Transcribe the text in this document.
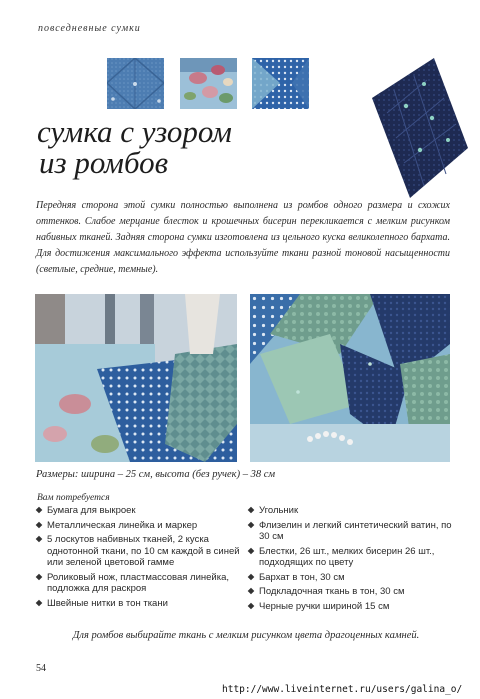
повседневные сумки
сумка с узором
из ромбов
Передняя сторона этой сумки полностью выполнена из ромбов одного размера и схожих оттенков. Слабое мерцание блесток и крошечных бисерин перекликается с мелким рисунком набивных тканей. Задняя сторона сумки изготовлена из цельного куска великолепного бархата. Для достижения максимального эффекта используйте ткани разной тоновой насыщенности (светлые, средние, темные).
Размеры: ширина – 25 см, высота (без ручек) – 38 см
Вам потребуется
Бумага для выкроек
Металлическая линейка и маркер
5 лоскутов набивных тканей, 2 куска однотонной ткани, по 10 см каждой в синей или зеленой цветовой гамме
Роликовый нож, пластмассовая линейка, подложка для раскроя
Швейные нитки в тон ткани
Угольник
Флизелин и легкий синтетический ватин, по 30 см
Блестки, 26 шт., мелких бисерин 26 шт., подходящих по цвету
Бархат в тон, 30 см
Подкладочная ткань в тон, 30 см
Черные ручки шириной 15 см
Для ромбов выбирайте ткань с мелким рисунком цвета драгоценных камней.
54
http://www.liveinternet.ru/users/galina_o/
